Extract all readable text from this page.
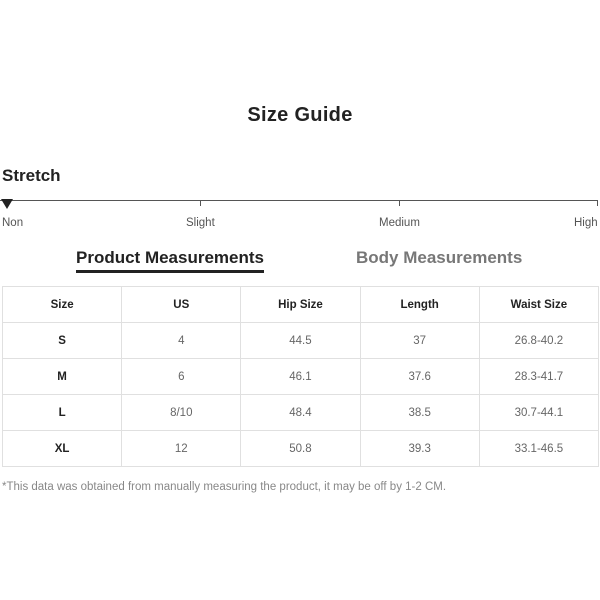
Size Guide
Stretch
Non	Slight	Medium	High
Product Measurements	Body Measurements
Size	US	Hip Size	Length	Waist Size
S	4	44.5	37	26.8-40.2
M	6	46.1	37.6	28.3-41.7
L	8/10	48.4	38.5	30.7-44.1
XL	12	50.8	39.3	33.1-46.5
*This data was obtained from manually measuring the product, it may be off by 1-2 CM.
